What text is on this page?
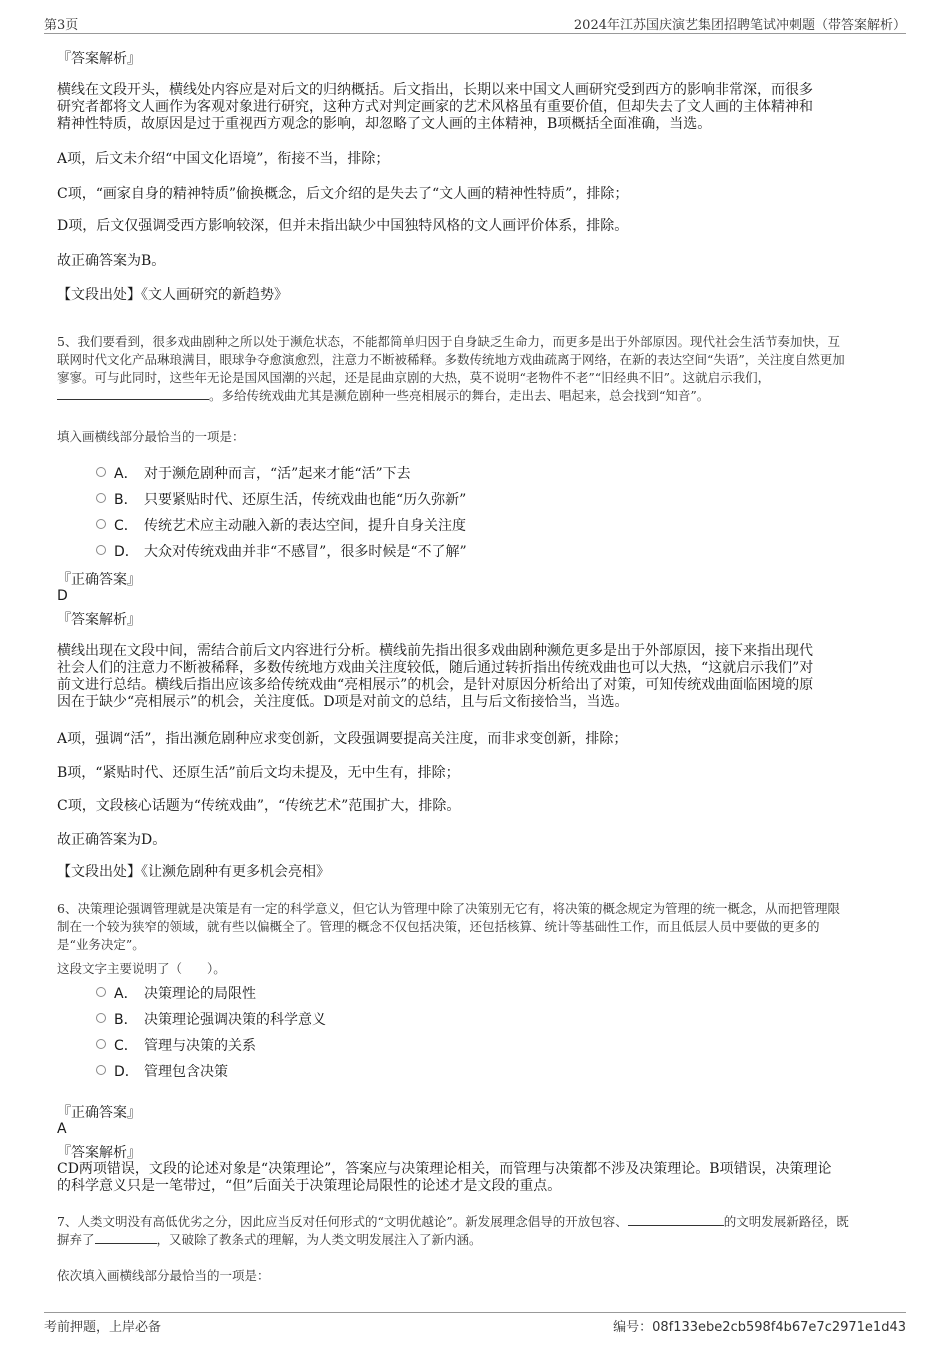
第3页	2024年江苏国庆演艺集团招聘笔试冲刺题（带答案解析）
『答案解析』
横线在文段开头，横线处内容应是对后文的归纳概括。后文指出，长期以来中国文人画研究受到西方的影响非常深，而很多
研究者都将文人画作为客观对象进行研究，这种方式对判定画家的艺术风格虽有重要价值，但却失去了文人画的主体精神和
精神性特质，故原因是过于重视西方观念的影响，却忽略了文人画的主体精神，B项概括全面准确，当选。
A项，后文未介绍“中国文化语境”，衔接不当，排除；
C项，“画家自身的精神特质”偷换概念，后文介绍的是失去了“文人画的精神性特质”，排除；
D项，后文仅强调受西方影响较深，但并未指出缺少中国独特风格的文人画评价体系，排除。
故正确答案为B。
【文段出处】《文人画研究的新趋势》
5、我们要看到，很多戏曲剧种之所以处于濒危状态，不能都简单归因于自身缺乏生命力，而更多是出于外部原因。现代社会生活节奏加快，互
联网时代文化产品琳琅满目，眼球争夺愈演愈烈，注意力不断被稀释。多数传统地方戏曲疏离于网络，在新的表达空间“失语”，关注度自然更加
寥寥。可与此同时，这些年无论是国风国潮的兴起，还是昆曲京剧的大热，莫不说明“老物件不老”“旧经典不旧”。这就启示我们，
。多给传统戏曲尤其是濒危剧种一些亮相展示的舞台，走出去、唱起来，总会找到“知音”。
填入画横线部分最恰当的一项是：
A． 对于濒危剧种而言，“活”起来才能“活”下去
B． 只要紧贴时代、还原生活，传统戏曲也能“历久弥新”
C． 传统艺术应主动融入新的表达空间，提升自身关注度
D． 大众对传统戏曲并非“不感冒”，很多时候是“不了解”
『正确答案』
D
『答案解析』
横线出现在文段中间，需结合前后文内容进行分析。横线前先指出很多戏曲剧种濒危更多是出于外部原因，接下来指出现代
社会人们的注意力不断被稀释，多数传统地方戏曲关注度较低，随后通过转折指出传统戏曲也可以大热，“这就启示我们”对
前文进行总结。横线后指出应该多给传统戏曲“亮相展示”的机会，是针对原因分析给出了对策，可知传统戏曲面临困境的原
因在于缺少“亮相展示”的机会，关注度低。D项是对前文的总结，且与后文衔接恰当，当选。
A项，强调“活”，指出濒危剧种应求变创新，文段强调要提高关注度，而非求变创新，排除；
B项，“紧贴时代、还原生活”前后文均未提及，无中生有，排除；
C项，文段核心话题为“传统戏曲”，“传统艺术”范围扩大，排除。
故正确答案为D。
【文段出处】《让濒危剧种有更多机会亮相》
6、决策理论强调管理就是决策是有一定的科学意义，但它认为管理中除了决策别无它有，将决策的概念规定为管理的统一概念，从而把管理限
制在一个较为狭窄的领域，就有些以偏概全了。管理的概念不仅包括决策，还包括核算、统计等基础性工作，而且低层人员中要做的更多的
是“业务决定”。
这段文字主要说明了（　　）。
A． 决策理论的局限性
B． 决策理论强调决策的科学意义
C． 管理与决策的关系
D． 管理包含决策
『正确答案』
A
『答案解析』
CD两项错误，文段的论述对象是“决策理论”，答案应与决策理论相关，而管理与决策都不涉及决策理论。B项错误，决策理论
的科学意义只是一笔带过，“但”后面关于决策理论局限性的论述才是文段的重点。
7、人类文明没有高低优劣之分，因此应当反对任何形式的“文明优越论”。新发展理念倡导的开放包容、	的文明发展新路径，既
摒弃了	，又破除了教条式的理解，为人类文明发展注入了新内涵。
依次填入画横线部分最恰当的一项是：
考前押题，上岸必备	编号：08f133ebe2cb598f4b67e7c2971e1d43
